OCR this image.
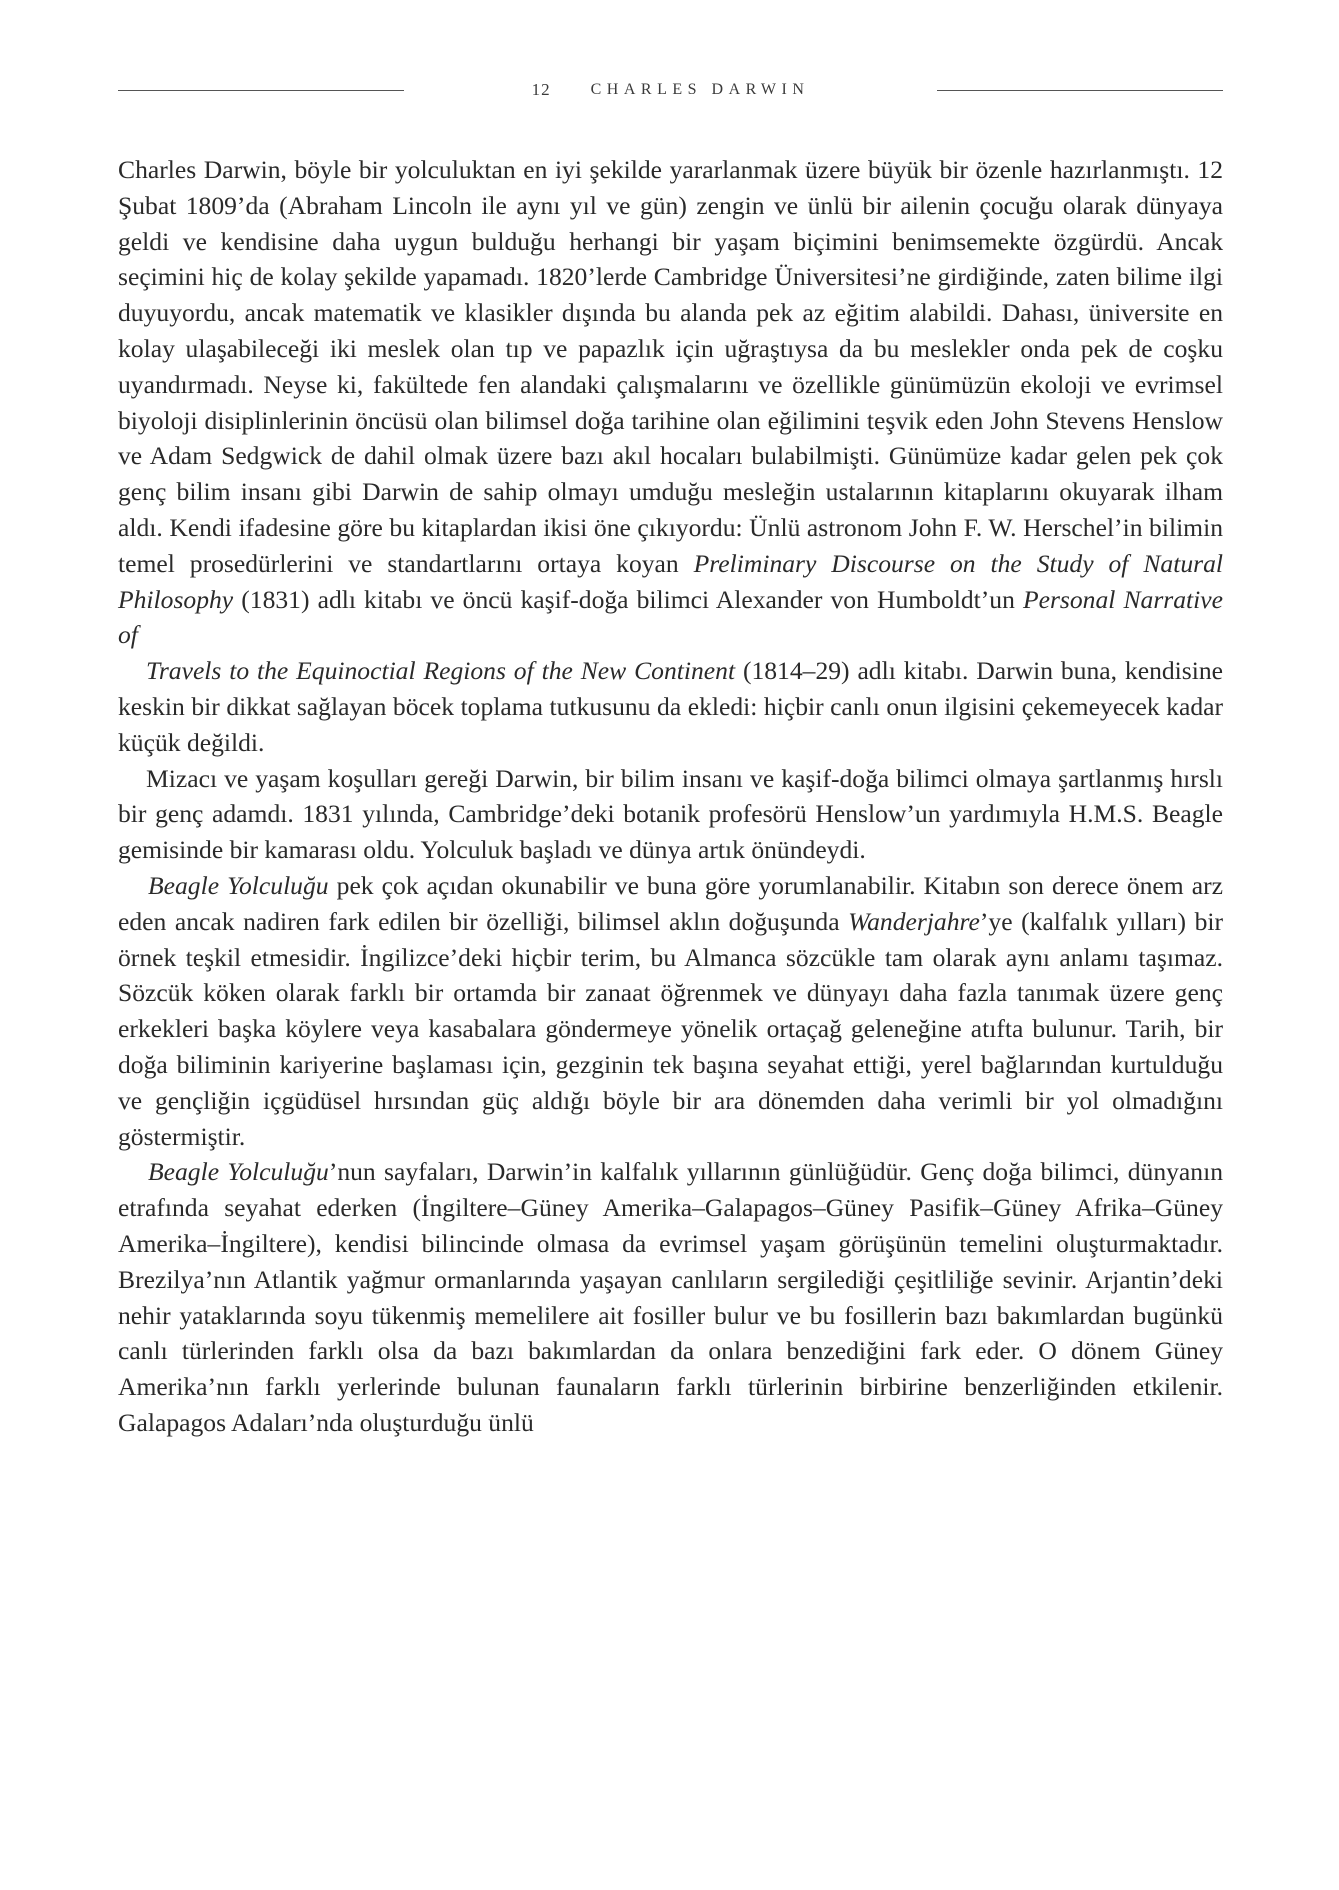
12	CHARLES DARWIN

Charles Darwin, böyle bir yolculuktan en iyi şekilde yararlanmak üzere büyük bir özenle hazırlanmıştı. 12 Şubat 1809’da (Abraham Lincoln ile aynı yıl ve gün) zengin ve ünlü bir ailenin çocuğu olarak dünyaya geldi ve kendisine daha uygun bulduğu herhangi bir yaşam biçimini benimsemekte özgürdü. Ancak seçimini hiç de kolay şekilde yapamadı. 1820’lerde Cambridge Üniversitesi’ne girdiğinde, zaten bilime ilgi duyuyordu, ancak matematik ve klasikler dışında bu alanda pek az eğitim alabildi. Dahası, üniversite en kolay ulaşabileceği iki meslek olan tıp ve papazlık için uğraştıysa da bu meslekler onda pek de coşku uyandırmadı. Neyse ki, fakültede fen alandaki çalışmalarını ve özellikle günümüzün ekoloji ve evrimsel biyoloji disiplinlerinin öncüsü olan bilimsel doğa tarihine olan eğilimini teşvik eden John Stevens Henslow ve Adam Sedgwick de dahil olmak üzere bazı akıl hocaları bulabilmişti. Günümüze kadar gelen pek çok genç bilim insanı gibi Darwin de sahip olmayı umduğu mesleğin ustalarının kitaplarını okuyarak ilham aldı. Kendi ifadesine göre bu kitaplardan ikisi öne çıkıyordu: Ünlü astronom John F. W. Herschel’in bilimin temel prosedürlerini ve standartlarını ortaya koyan Preliminary Discourse on the Study of Natural Philosophy (1831) adlı kitabı ve öncü kaşif-doğa bilimci Alexander von Humboldt’un Personal Narrative of

Travels to the Equinoctial Regions of the New Continent (1814–29) adlı kitabı. Darwin buna, kendisine keskin bir dikkat sağlayan böcek toplama tutkusunu da ekledi: hiçbir canlı onun ilgisini çekemeyecek kadar küçük değildi.

Mizacı ve yaşam koşulları gereği Darwin, bir bilim insanı ve kaşif-doğa bilimci olmaya şartlanmış hırslı bir genç adamdı. 1831 yılında, Cambridge’deki botanik profesörü Henslow’un yardımıyla H.M.S. Beagle gemisinde bir kamarası oldu. Yolculuk başladı ve dünya artık önündeydi.

Beagle Yolculuğu pek çok açıdan okunabilir ve buna göre yorumlanabilir. Kitabın son derece önem arz eden ancak nadiren fark edilen bir özelliği, bilimsel aklın doğuşunda Wanderjahre’ye (kalfalık yılları) bir örnek teşkil etmesidir. İngilizce’deki hiçbir terim, bu Almanca sözcükle tam olarak aynı anlamı taşımaz. Sözcük köken olarak farklı bir ortamda bir zanaat öğrenmek ve dünyayı daha fazla tanımak üzere genç erkekleri başka köylere veya kasabalara göndermeye yönelik ortaçağ geleneğine atıfta bulunur. Tarih, bir doğa biliminin kariyerine başlaması için, gezginin tek başına seyahat ettiği, yerel bağlarından kurtulduğu ve gençliğin içgüdüsel hırsından güç aldığı böyle bir ara dönemden daha verimli bir yol olmadığını göstermiştir.

Beagle Yolculuğu’nun sayfaları, Darwin’in kalfalık yıllarının günlüğüdür. Genç doğa bilimci, dünyanın etrafında seyahat ederken (İngiltere–Güney Amerika–Galapagos–Güney Pasifik–Güney Afrika–Güney Amerika–İngiltere), kendisi bilincinde olmasa da evrimsel yaşam görüşünün temelini oluşturmaktadır. Brezilya’nın Atlantik yağmur ormanlarında yaşayan canlıların sergilediği çeşitliliğe sevinir. Arjantin’deki nehir yataklarında soyu tükenmiş memelilere ait fosiller bulur ve bu fosillerin bazı bakımlardan bugünkü canlı türlerinden farklı olsa da bazı bakımlardan da onlara benzediğini fark eder. O dönem Güney Amerika’nın farklı yerlerinde bulunan faunaların farklı türlerinin birbirine benzerliğinden etkilenir. Galapagos Adaları’nda oluşturduğu ünlü
